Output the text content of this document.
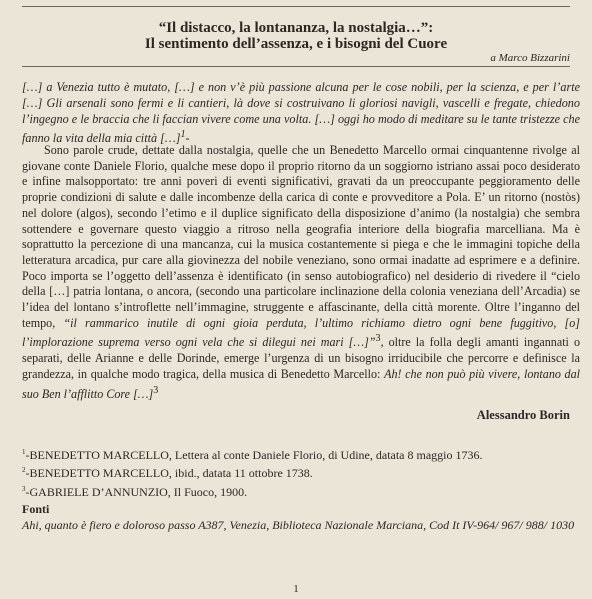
“Il distacco, la lontananza, la nostalgia…”:
Il sentimento dell’assenza, e i bisogni del Cuore
a Marco Bizzarini

[…] a Venezia tutto è mutato, […] e non v’è più passione alcuna per le cose nobili, per la scienza, e per l’arte […] Gli arsenali sono fermi e li cantieri, là dove si costruivano li gloriosi navigli, vascelli e fregate, chiedono l’ingegno e le braccia che li faccian vivere come una volta. […] oggi ho modo di meditare su le tante tristezze che fanno la vita della mia città […]$^1$-

Sono parole crude, dettate dalla nostalgia, quelle che un Benedetto Marcello ormai cinquantenne rivolge al giovane conte Daniele Florio, qualche mese dopo il proprio ritorno da un soggiorno istriano assai poco desiderato e infine malsopportato: tre anni poveri di eventi significativi, gravati da un preoccupante peggioramento delle proprie condizioni di salute e dalle incombenze della carica di conte e provveditore a Pola. E’ un ritorno (nostòs) nel dolore (algos), secondo l’etimo e il duplice significato della disposizione d’animo (la nostalgia) che sembra sottendere e governare questo viaggio a ritroso nella geografia interiore della biografia marcelliana. Ma è soprattutto la percezione di una mancanza, cui la musica costantemente si piega e che le immagini topiche della letteratura arcadica, pur care alla giovinezza del nobile veneziano, sono ormai inadatte ad esprimere e a definire. Poco importa se l’oggetto dell’assenza è identificato (in senso autobiografico) nel desiderio di rivedere il “cielo della […] patria lontana, o ancora, (secondo una particolare inclinazione della colonia veneziana dell’Arcadia) se l’idea del lontano s’introflette nell’immagine, struggente e affascinante, della città morente. Oltre l’inganno del tempo, “il rammarico inutile di ogni gioia perduta, l’ultimo richiamo dietro ogni bene fuggitivo, [o] l’implorazione suprema verso ogni vela che si dilegui nei mari […]”$^3$, oltre la folla degli amanti ingannati o separati, delle Arianne e delle Dorinde, emerge l’urgenza di un bisogno irriducibile che percorre e definisce la grandezza, in qualche modo tragica, della musica di Benedetto Marcello: Ah! che non può più vivere, lontano dal suo Ben l’afflitto Core […]$^3$

Alessandro Borin
$^1$-BENEDETTO MARCELLO, Lettera al conte Daniele Florio, di Udine, datata 8 maggio 1736.
$^2$-BENEDETTO MARCELLO, ibid., datata 11 ottobre 1738.
$^3$-GABRIELE D’ANNUNZIO, Il Fuoco, 1900.
Fonti
Ahi, quanto è fiero e doloroso passo A387, Venezia, Biblioteca Nazionale Marciana, Cod It IV-964/ 967/ 988/ 1030
1
